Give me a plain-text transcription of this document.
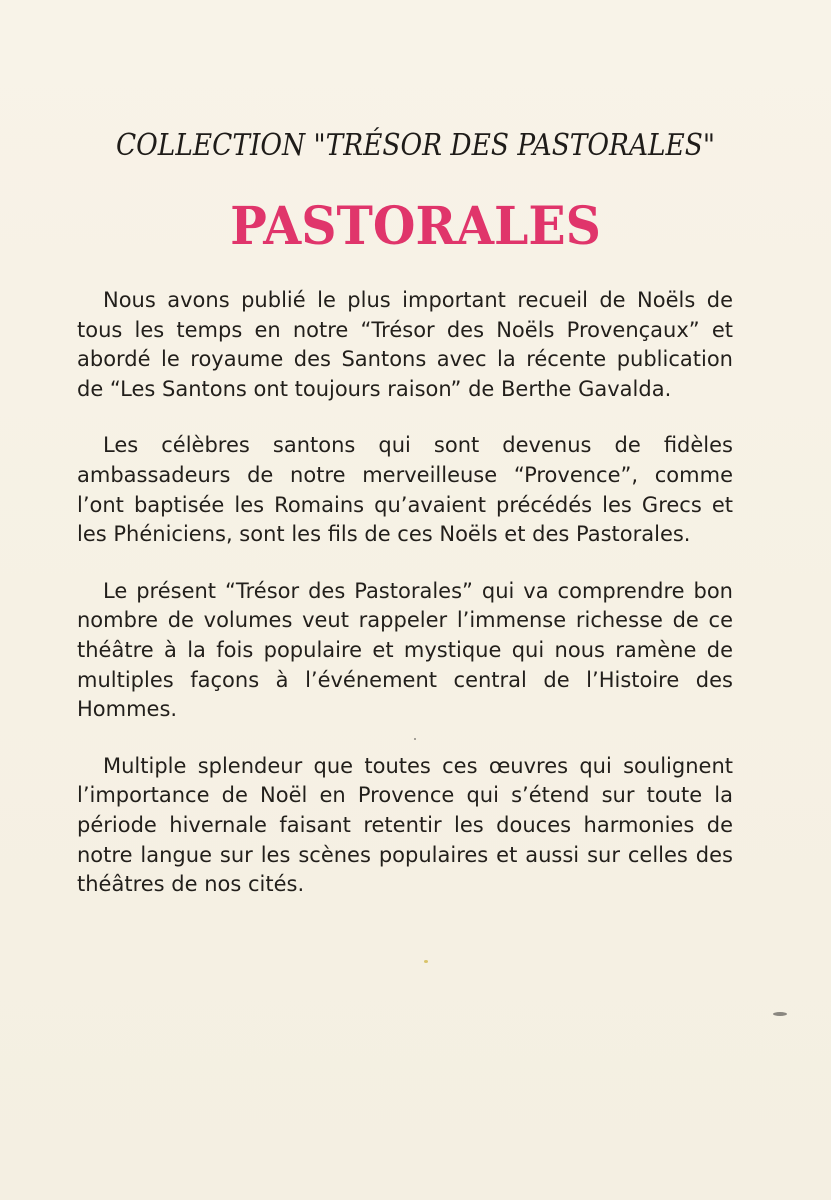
COLLECTION "TRÉSOR DES PASTORALES"
PASTORALES

Nous avons publié le plus important recueil de Noëls de tous les temps en notre “Trésor des Noëls Provençaux” et abordé le royaume des Santons avec la récente publication de “Les Santons ont toujours raison” de Berthe Gavalda.

Les célèbres santons qui sont devenus de fidèles ambassadeurs de notre merveilleuse “Provence”, comme l’ont baptisée les Romains qu’avaient précédés les Grecs et les Phéniciens, sont les fils de ces Noëls et des Pastorales.

Le présent “Trésor des Pastorales” qui va comprendre bon nombre de volumes veut rappeler l’immense richesse de ce théâtre à la fois populaire et mystique qui nous ramène de multiples façons à l’événement central de l’Histoire des Hommes.

Multiple splendeur que toutes ces œuvres qui soulignent l’importance de Noël en Provence qui s’étend sur toute la période hivernale faisant retentir les douces harmonies de notre langue sur les scènes populaires et aussi sur celles des théâtres de nos cités.
